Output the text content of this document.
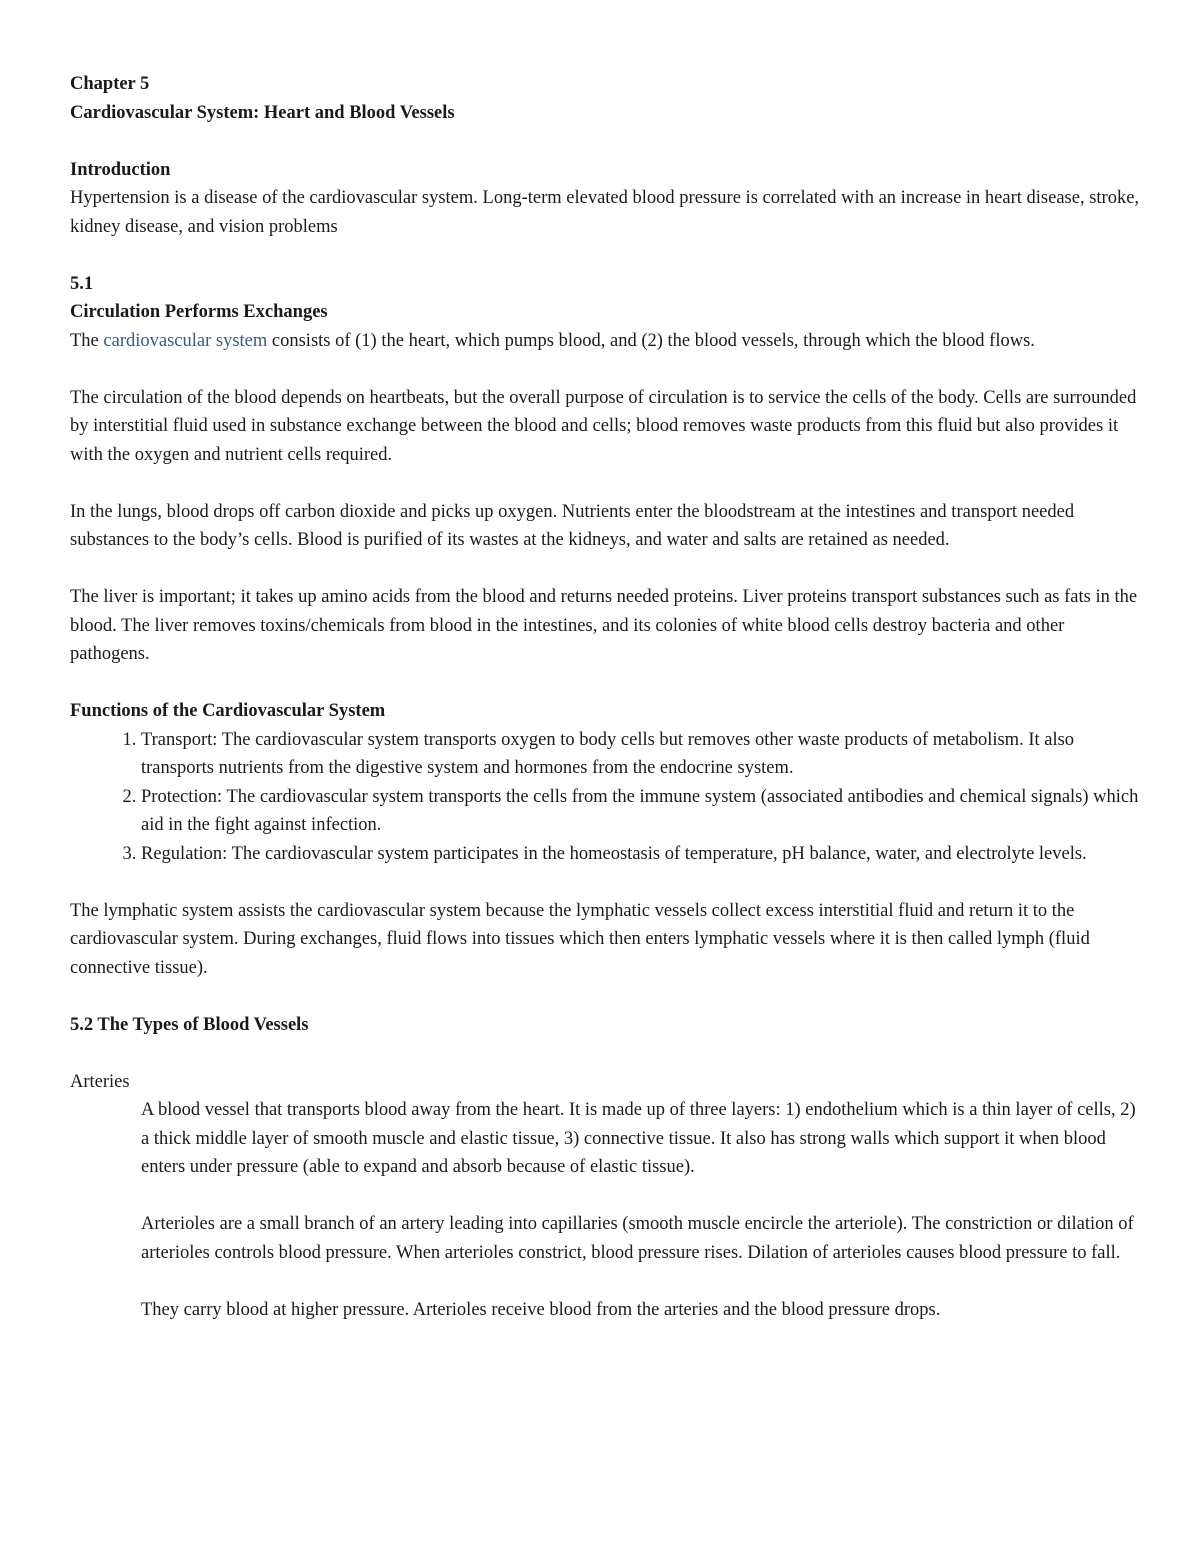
Chapter 5

Cardiovascular System: Heart and Blood Vessels

Introduction

Hypertension is a disease of the cardiovascular system. Long-term elevated blood pressure is correlated with an increase in heart disease, stroke, kidney disease, and vision problems

5.1

Circulation Performs Exchanges

The cardiovascular system consists of (1) the heart, which pumps blood, and (2) the blood vessels, through which the blood flows.

The circulation of the blood depends on heartbeats, but the overall purpose of circulation is to service the cells of the body. Cells are surrounded by interstitial fluid used in substance exchange between the blood and cells; blood removes waste products from this fluid but also provides it with the oxygen and nutrient cells required.

In the lungs, blood drops off carbon dioxide and picks up oxygen. Nutrients enter the bloodstream at the intestines and transport needed substances to the body’s cells. Blood is purified of its wastes at the kidneys, and water and salts are retained as needed.

The liver is important; it takes up amino acids from the blood and returns needed proteins. Liver proteins transport substances such as fats in the blood. The liver removes toxins/chemicals from blood in the intestines, and its colonies of white blood cells destroy bacteria and other pathogens.

Functions of the Cardiovascular System

1. Transport: The cardiovascular system transports oxygen to body cells but removes other waste products of metabolism. It also transports nutrients from the digestive system and hormones from the endocrine system.
2. Protection: The cardiovascular system transports the cells from the immune system (associated antibodies and chemical signals) which aid in the fight against infection.
3. Regulation: The cardiovascular system participates in the homeostasis of temperature, pH balance, water, and electrolyte levels.

The lymphatic system assists the cardiovascular system because the lymphatic vessels collect excess interstitial fluid and return it to the cardiovascular system. During exchanges, fluid flows into tissues which then enters lymphatic vessels where it is then called lymph (fluid connective tissue).

5.2 The Types of Blood Vessels

Arteries

A blood vessel that transports blood away from the heart. It is made up of three layers: 1) endothelium which is a thin layer of cells, 2) a thick middle layer of smooth muscle and elastic tissue, 3) connective tissue. It also has strong walls which support it when blood enters under pressure (able to expand and absorb because of elastic tissue).

Arterioles are a small branch of an artery leading into capillaries (smooth muscle encircle the arteriole). The constriction or dilation of arterioles controls blood pressure. When arterioles constrict, blood pressure rises. Dilation of arterioles causes blood pressure to fall.

They carry blood at higher pressure. Arterioles receive blood from the arteries and the blood pressure drops.
